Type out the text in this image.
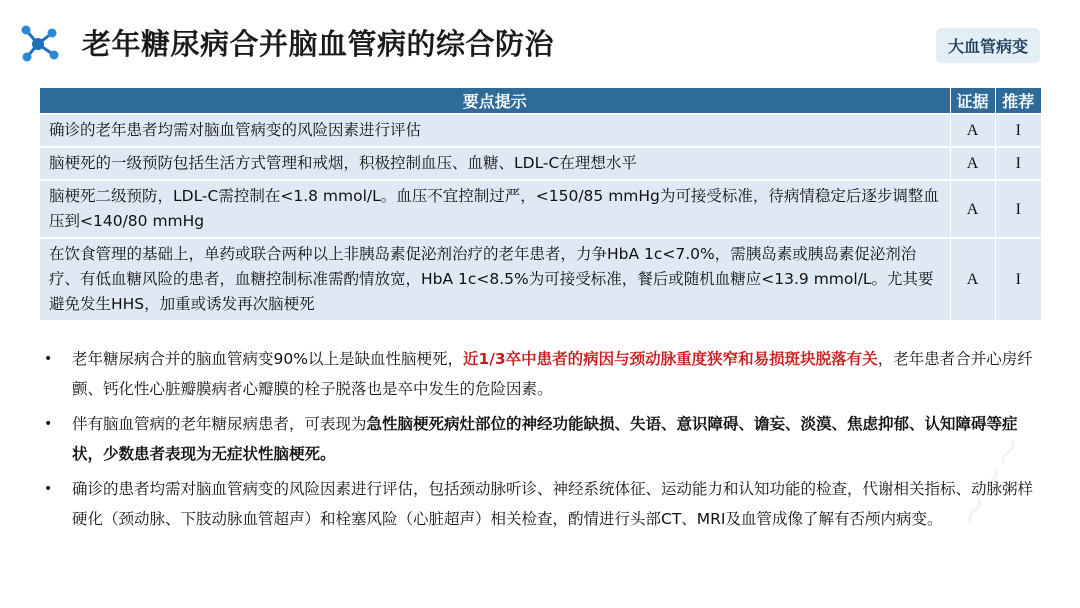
老年糖尿病合并脑血管病的综合防治	大血管病变
要点提示	证据	推荐
确诊的老年患者均需对脑血管病变的风险因素进行评估	A	I
脑梗死的一级预防包括生活方式管理和戒烟，积极控制血压、血糖、LDL-C在理想水平	A	I
脑梗死二级预防，LDL-C需控制在<1.8 mmol/L。血压不宜控制过严，<150/85 mmHg为可接受标准，待病情稳定后逐步调整血压到<140/80 mmHg	A	I
在饮食管理的基础上，单药或联合两种以上非胰岛素促泌剂治疗的老年患者，力争HbA 1c<7.0%，需胰岛素或胰岛素促泌剂治疗、有低血糖风险的患者，血糖控制标准需酌情放宽，HbA 1c<8.5%为可接受标准，餐后或随机血糖应<13.9 mmol/L。尤其要避免发生HHS，加重或诱发再次脑梗死	A	I
• 老年糖尿病合并的脑血管病变90%以上是缺血性脑梗死，近1/3卒中患者的病因与颈动脉重度狭窄和易损斑块脱落有关，老年患者合并心房纤颤、钙化性心脏瓣膜病者心瓣膜的栓子脱落也是卒中发生的危险因素。
• 伴有脑血管病的老年糖尿病患者，可表现为急性脑梗死病灶部位的神经功能缺损、失语、意识障碍、谵妄、淡漠、焦虑抑郁、认知障碍等症状，少数患者表现为无症状性脑梗死。
• 确诊的患者均需对脑血管病变的风险因素进行评估，包括颈动脉听诊、神经系统体征、运动能力和认知功能的检查，代谢相关指标、动脉粥样硬化（颈动脉、下肢动脉血管超声）和栓塞风险（心脏超声）相关检查，酌情进行头部CT、MRI及血管成像了解有否颅内病变。 ~~~
